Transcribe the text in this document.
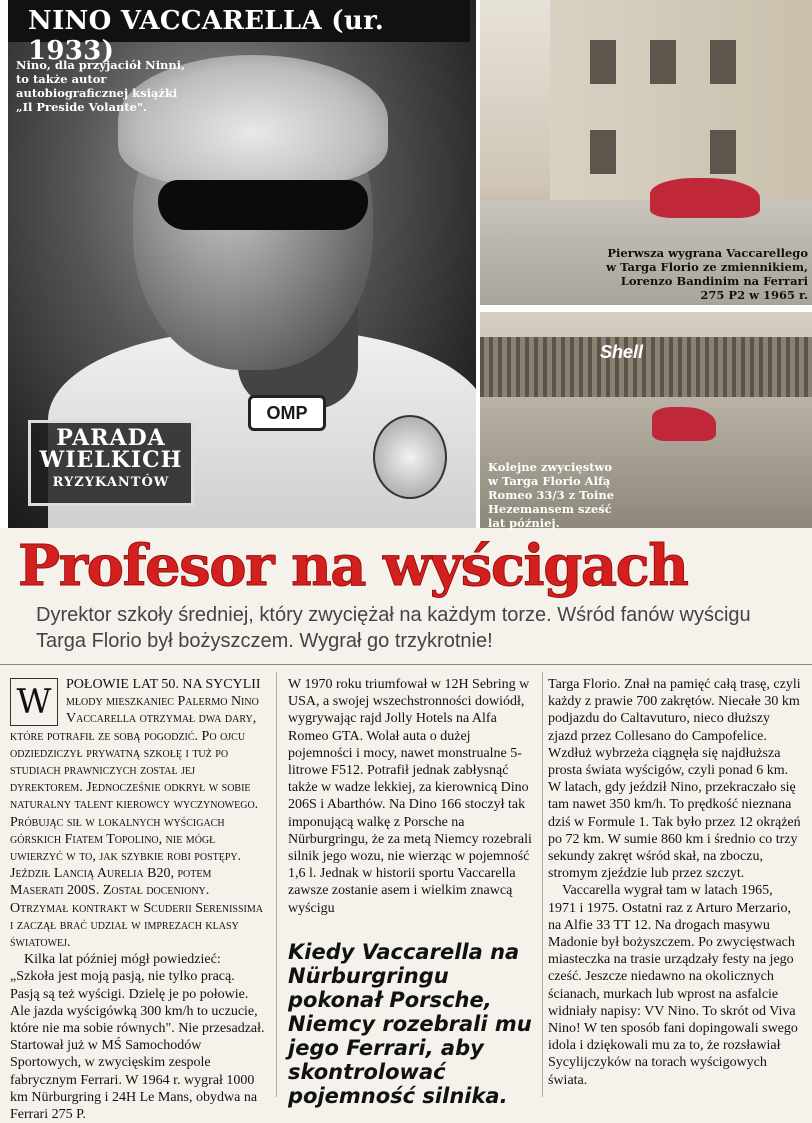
OMP
NINO VACCARELLA (ur. 1933)
Nino, dla przyjaciół Ninni, to także autor autobiograficznej książki „Il Preside Volante".
PARADA
WIELKICH
RYZYKANTÓW
Pierwsza wygrana Vaccarellego w Targa Florio ze zmiennikiem, Lorenzo Bandinim na Ferrari 275 P2 w 1965 r.
Shell
Kolejne zwycięstwo w Targa Florio Alfą Romeo 33/3 z Toine Hezemansem sześć lat później.
Profesor na wyścigach
Dyrektor szkoły średniej, który zwyciężał na każdym torze. Wśród fanów wyścigu Targa Florio był bożyszczem. Wygrał go trzykrotnie!

W	POŁOWIE LAT 50. NA SYCYLII młody mieszkaniec Palermo Nino Vaccarella otrzymał dwa dary, które potrafił ze sobą pogodzić. Po ojcu odziedziczył prywatną szkołę i tuż po studiach prawniczych został jej dyrektorem. Jednocześnie odkrył w sobie naturalny talent kierowcy wyczynowego. Próbując sił w lokalnych wyścigach górskich Fiatem Topolino, nie mógł uwierzyć w to, jak szybkie robi postępy. Jeździł Lancią Aurelia B20, potem Maserati 200S. Został doceniony. Otrzymał kontrakt w Scuderii Serenissima i zaczął brać udział w imprezach klasy światowej.

Kilka lat później mógł powiedzieć: „Szkoła jest moją pasją, nie tylko pracą. Pasją są też wyścigi. Dzielę je po połowie. Ale jazda wyścigówką 300 km/h to uczucie, które nie ma sobie równych". Nie przesadzał. Startował już w MŚ Samochodów Sportowych, w zwycięskim zespole fabrycznym Ferrari. W 1964 r. wygrał 1000 km Nürburgring i 24H Le Mans, obydwa na Ferrari 275 P.

W 1970 roku triumfował w 12H Sebring w USA, a swojej wszechstronności dowiódł, wygrywając rajd Jolly Hotels na Alfa Romeo GTA. Wolał auta o dużej pojemności i mocy, nawet monstrualne 5-litrowe F512. Potrafił jednak zabłysnąć także w wadze lekkiej, za kierownicą Dino 206S i Abarthów. Na Dino 166 stoczył tak imponującą walkę z Porsche na Nürburgringu, że za metą Niemcy rozebrali silnik jego wozu, nie wierząc w pojemność 1,6 l. Jednak w historii sportu Vaccarella zawsze zostanie asem i wielkim znawcą wyścigu

Kiedy Vaccarella na Nürburgringu pokonał Porsche, Niemcy rozebrali mu jego Ferrari, aby skontrolować pojemność silnika.

Targa Florio. Znał na pamięć całą trasę, czyli każdy z prawie 700 zakrętów. Niecałe 30 km podjazdu do Caltavuturo, nieco dłuższy zjazd przez Collesano do Campofelice. Wzdłuż wybrzeża ciągnęła się najdłuższa prosta świata wyścigów, czyli ponad 6 km. W latach, gdy jeździł Nino, przekraczało się tam nawet 350 km/h. To prędkość nieznana dziś w Formule 1. Tak było przez 12 okrążeń po 72 km. W sumie 860 km i średnio co trzy sekundy zakręt wśród skał, na zboczu, stromym zjeździe lub przez szczyt.

Vaccarella wygrał tam w latach 1965, 1971 i 1975. Ostatni raz z Arturo Merzario, na Alfie 33 TT 12. Na drogach masywu Madonie był bożyszczem. Po zwycięstwach miasteczka na trasie urządzały festy na jego cześć. Jeszcze niedawno na okolicznych ścianach, murkach lub wprost na asfalcie widniały napisy: VV Nino. To skrót od Viva Nino! W ten sposób fani dopingowali swego idola i dziękowali mu za to, że rozsławiał Sycylijczyków na torach wyścigowych świata.
